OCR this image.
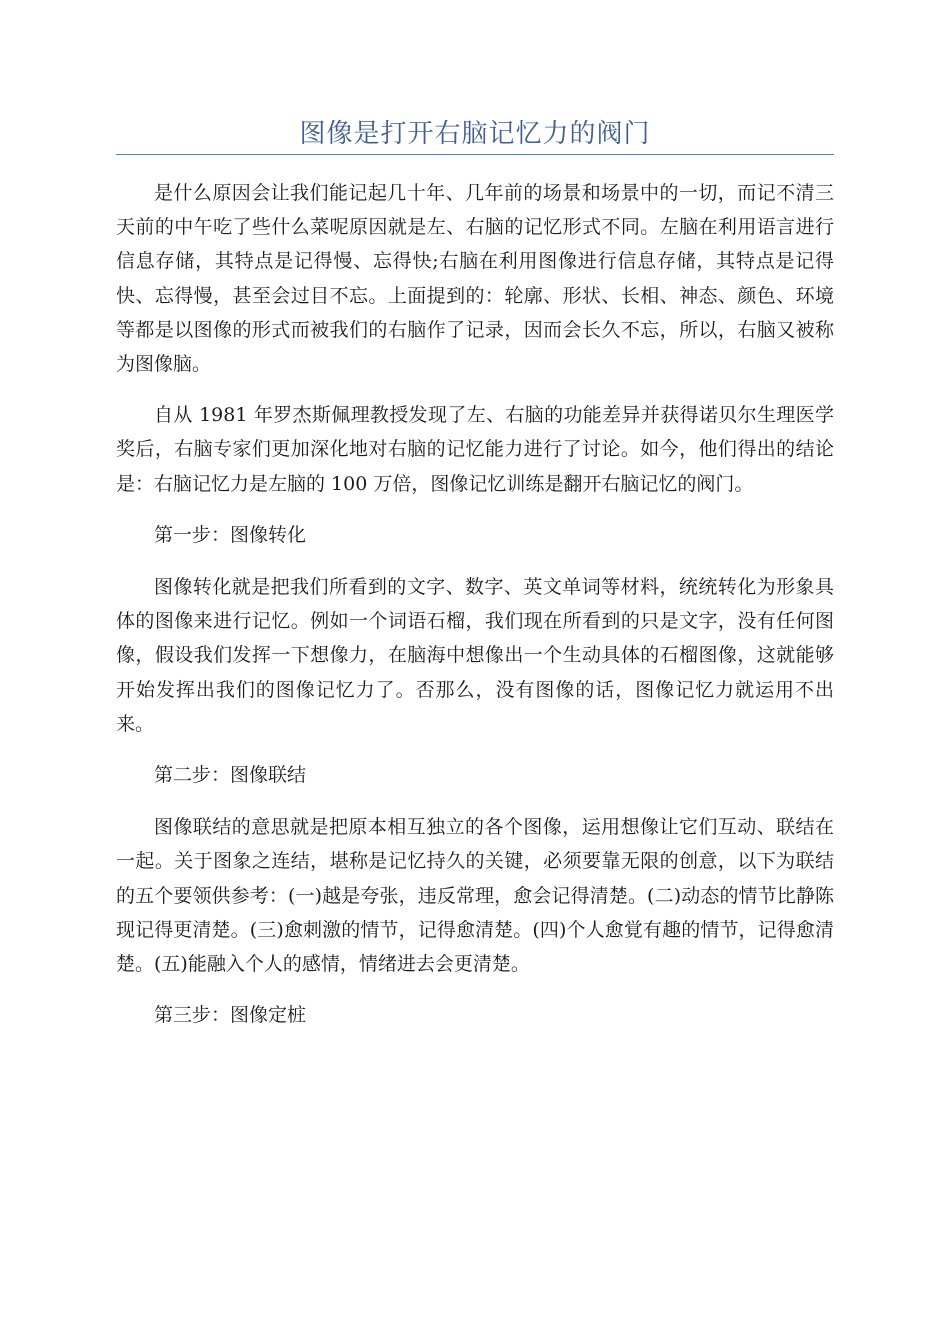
图像是打开右脑记忆力的阀门

是什么原因会让我们能记起几十年、几年前的场景和场景中的一切，而记不清三天前的中午吃了些什么菜呢原因就是左、右脑的记忆形式不同。左脑在利用语言进行信息存储，其特点是记得慢、忘得快;右脑在利用图像进行信息存储，其特点是记得快、忘得慢，甚至会过目不忘。上面提到的：轮廓、形状、长相、神态、颜色、环境等都是以图像的形式而被我们的右脑作了记录，因而会长久不忘，所以，右脑又被称为图像脑。

自从 1981 年罗杰斯佩理教授发现了左、右脑的功能差异并获得诺贝尔生理医学奖后，右脑专家们更加深化地对右脑的记忆能力进行了讨论。如今，他们得出的结论是：右脑记忆力是左脑的 100 万倍，图像记忆训练是翻开右脑记忆的阀门。

第一步：图像转化

图像转化就是把我们所看到的文字、数字、英文单词等材料，统统转化为形象具体的图像来进行记忆。例如一个词语石榴，我们现在所看到的只是文字，没有任何图像，假设我们发挥一下想像力，在脑海中想像出一个生动具体的石榴图像，这就能够开始发挥出我们的图像记忆力了。否那么，没有图像的话，图像记忆力就运用不出来。

第二步：图像联结

图像联结的意思就是把原本相互独立的各个图像，运用想像让它们互动、联结在一起。关于图象之连结，堪称是记忆持久的关键，必须要靠无限的创意，以下为联结的五个要领供参考：(一)越是夸张，违反常理，愈会记得清楚。(二)动态的情节比静陈现记得更清楚。(三)愈刺激的情节，记得愈清楚。(四)个人愈覚有趣的情节，记得愈清楚。(五)能融入个人的感情，情绪进去会更清楚。

第三步：图像定桩
